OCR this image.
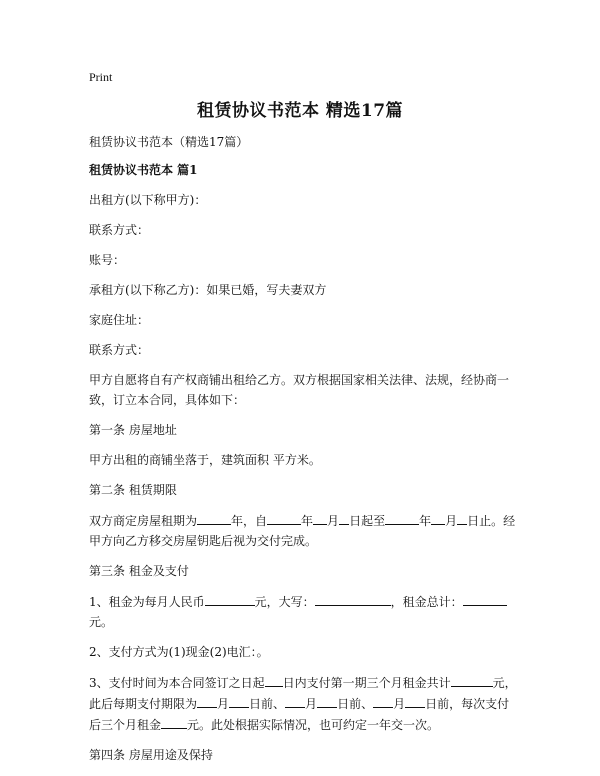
Print
租赁协议书范本 精选17篇

租赁协议书范本（精选17篇）

租赁协议书范本 篇1

出租方(以下称甲方)：

联系方式：

账号：

承租方(以下称乙方)：如果已婚，写夫妻双方

家庭住址：

联系方式：

甲方自愿将自有产权商铺出租给乙方。双方根据国家相关法律、法规，经协商一致，订立本合同，具体如下：

第一条 房屋地址

甲方出租的商铺坐落于，建筑面积 平方米。

第二条 租赁期限

双方商定房屋租期为	年，自	年 月 日起至	年 月 日止。经甲方向乙方移交房屋钥匙后视为交付完成。

第三条 租金及支付

1、租金为每月人民币	元，大写：	，租金总计：元。

2、支付方式为(1)现金(2)电汇：。

3、支付时间为本合同签订之日起 日内支付第一期三个月租金共计	元，此后每期支付期限为 月 日前、 月 日前、 月 日前，每次支付后三个月租金 元。此处根据实际情况，也可约定一年交一次。

第四条 房屋用途及保持
